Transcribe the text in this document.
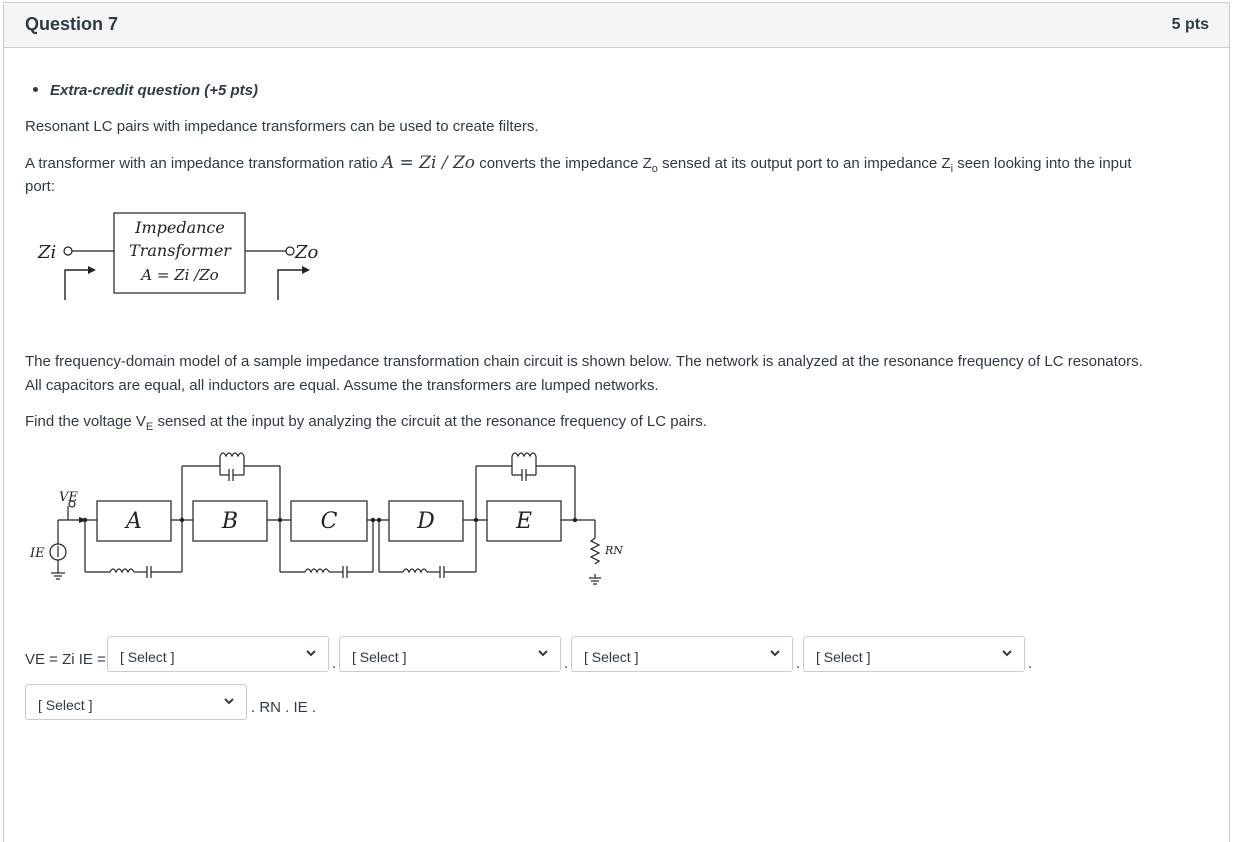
Question 7	5 pts
Extra-credit question (+5 pts)
Resonant LC pairs with impedance transformers can be used to create filters.
A transformer with an impedance transformation ratio A = Zi / Zo converts the impedance $Z_o$ sensed at its output port to an impedance $Z_i$ seen looking into the input
port:
Impedance
Transformer
A = Zi /Zo
Zi	Zo
The frequency-domain model of a sample impedance transformation chain circuit is shown below. The network is analyzed at the resonance frequency of LC resonators.
All capacitors are equal, all inductors are equal. Assume the transformers are lumped networks.
Find the voltage $V_E$ sensed at the input by analyzing the circuit at the resonance frequency of LC pairs.
A	B	C	D	E
VE
IE	RN
VE = Zi IE =	[ Select ]	.	[ Select ]	.	[ Select ]	.	[ Select ]	.
[ Select ]	. RN . IE .
